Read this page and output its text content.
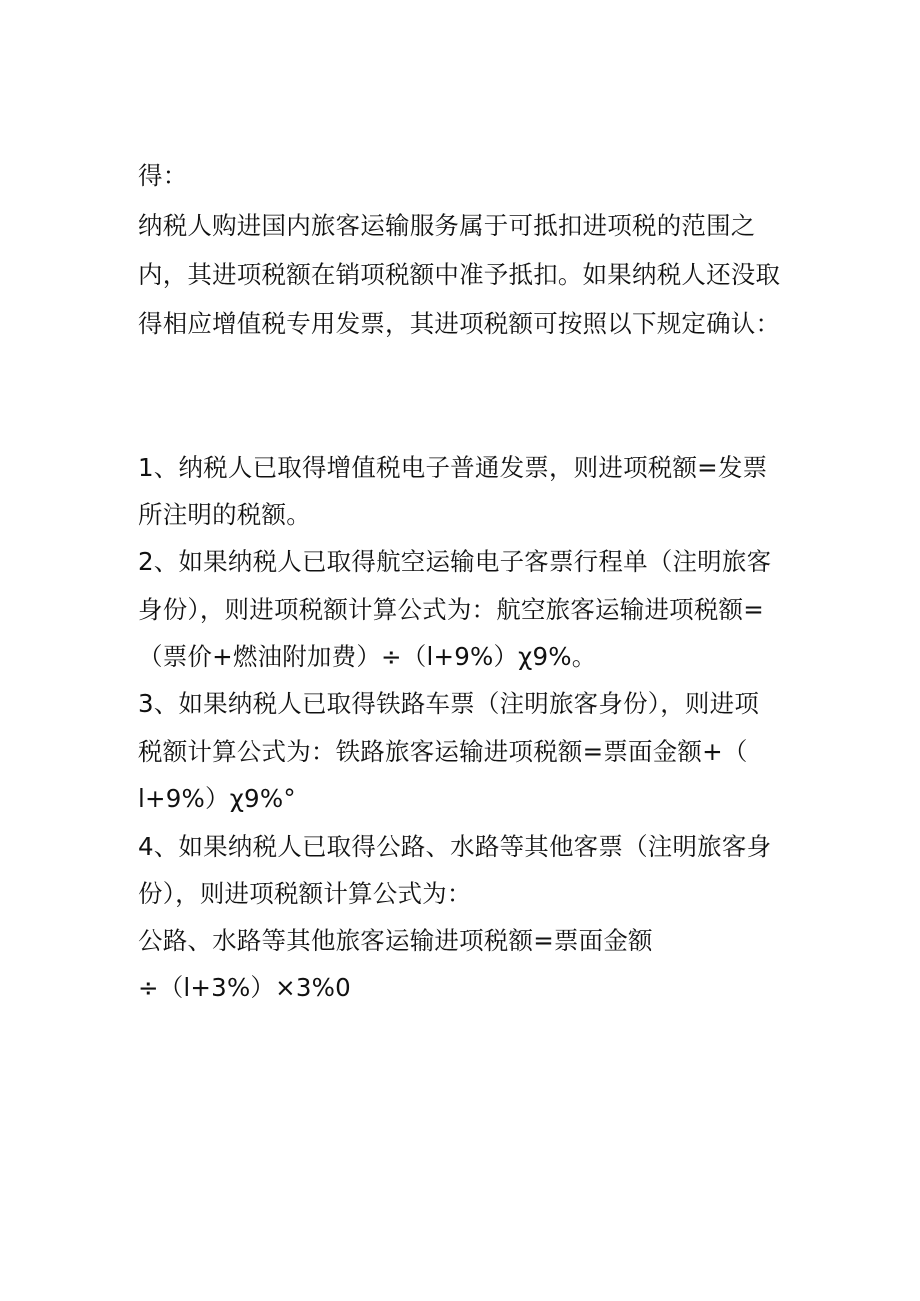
得：
纳税人购进国内旅客运输服务属于可抵扣进项税的范围之
内，其进项税额在销项税额中准予抵扣。如果纳税人还没取
得相应增值税专用发票，其进项税额可按照以下规定确认：
1、纳税人已取得增值税电子普通发票，则进项税额=发票
所注明的税额。
2、如果纳税人已取得航空运输电子客票行程单（注明旅客
身份），则进项税额计算公式为：航空旅客运输进项税额=
（票价+燃油附加费）÷（l+9%）χ9%。
3、如果纳税人已取得铁路车票（注明旅客身份），则进项
税额计算公式为：铁路旅客运输进项税额=票面金额+（
l+9%）χ9%°
4、如果纳税人已取得公路、水路等其他客票（注明旅客身
份），则进项税额计算公式为：
公路、水路等其他旅客运输进项税额=票面金额
÷（l+3%）×3%0
